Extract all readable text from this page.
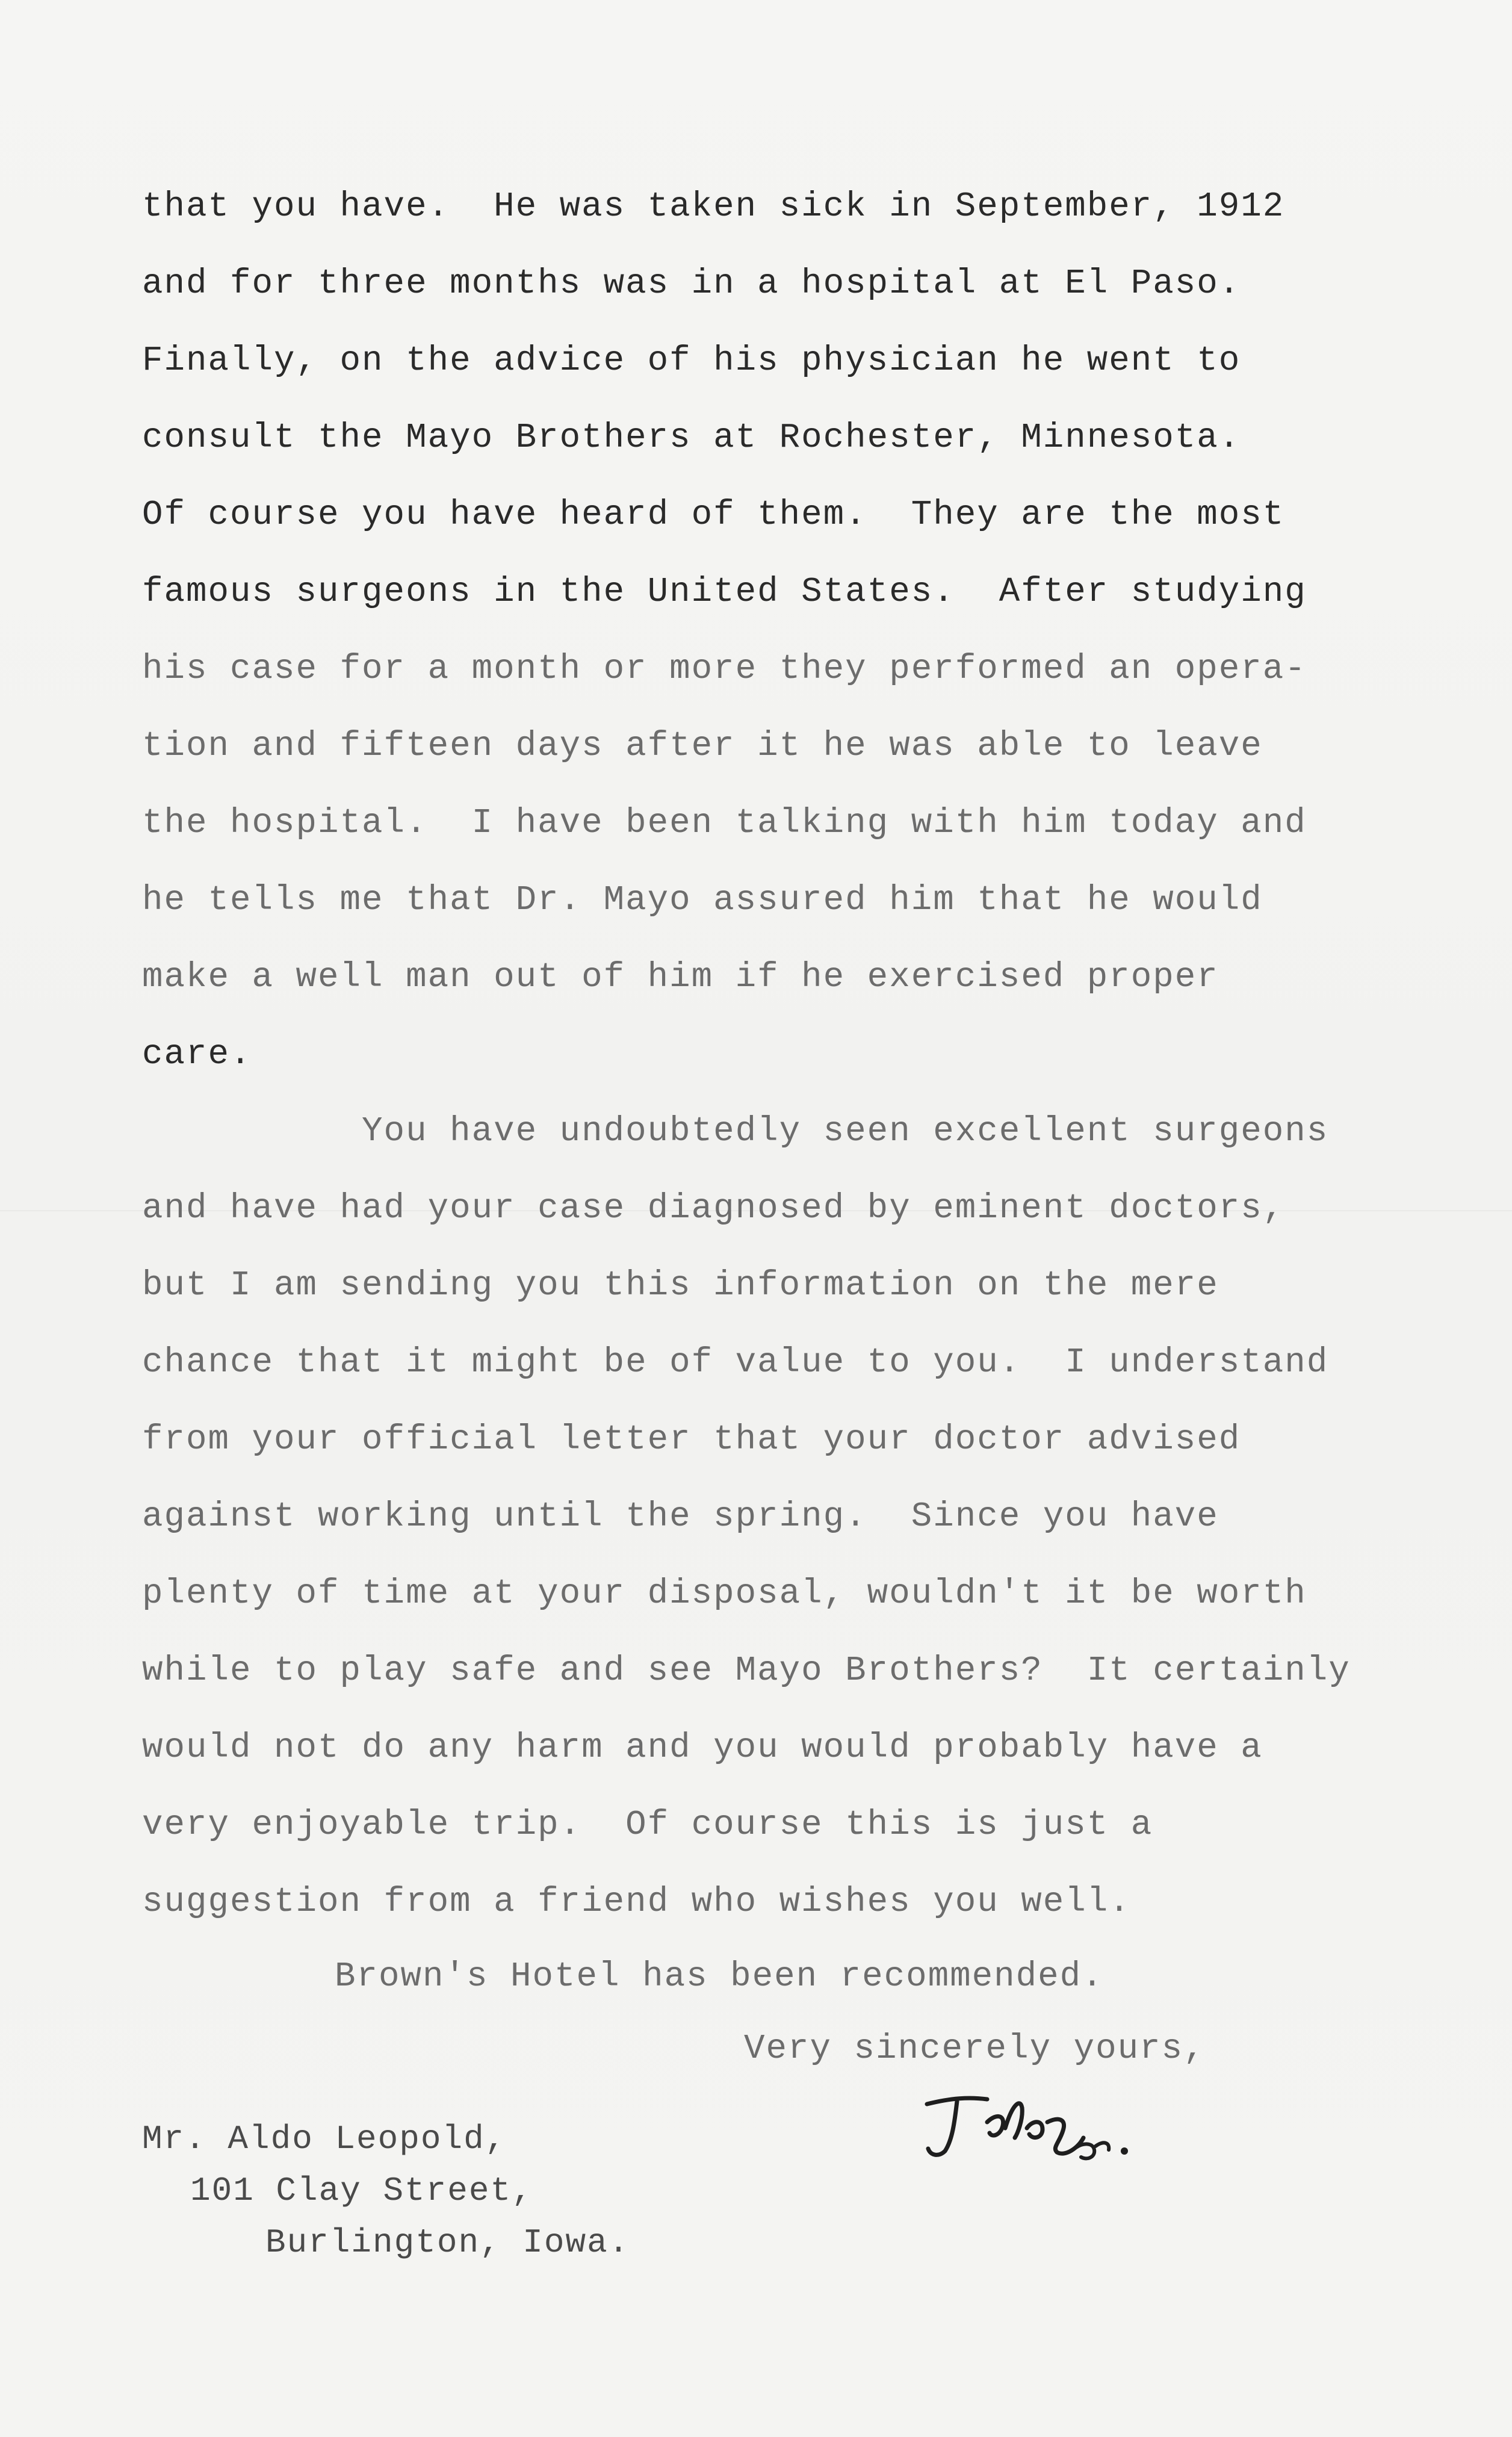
that you have.  He was taken sick in September, 1912
and for three months was in a hospital at El Paso.
Finally, on the advice of his physician he went to
consult the Mayo Brothers at Rochester, Minnesota.
Of course you have heard of them.  They are the most
famous surgeons in the United States.  After studying
his case for a month or more they performed an opera-
tion and fifteen days after it he was able to leave
the hospital.  I have been talking with him today and
he tells me that Dr. Mayo assured him that he would
make a well man out of him if he exercised proper
care.
You have undoubtedly seen excellent surgeons
and have had your case diagnosed by eminent doctors,
but I am sending you this information on the mere
chance that it might be of value to you.  I understand
from your official letter that your doctor advised
against working until the spring.  Since you have
plenty of time at your disposal, wouldn't it be worth
while to play safe and see Mayo Brothers?  It certainly
would not do any harm and you would probably have a
very enjoyable trip.  Of course this is just a
suggestion from a friend who wishes you well.
Brown's Hotel has been recommended.
Very sincerely yours,
Mr. Aldo Leopold,
101 Clay Street,
Burlington, Iowa.
